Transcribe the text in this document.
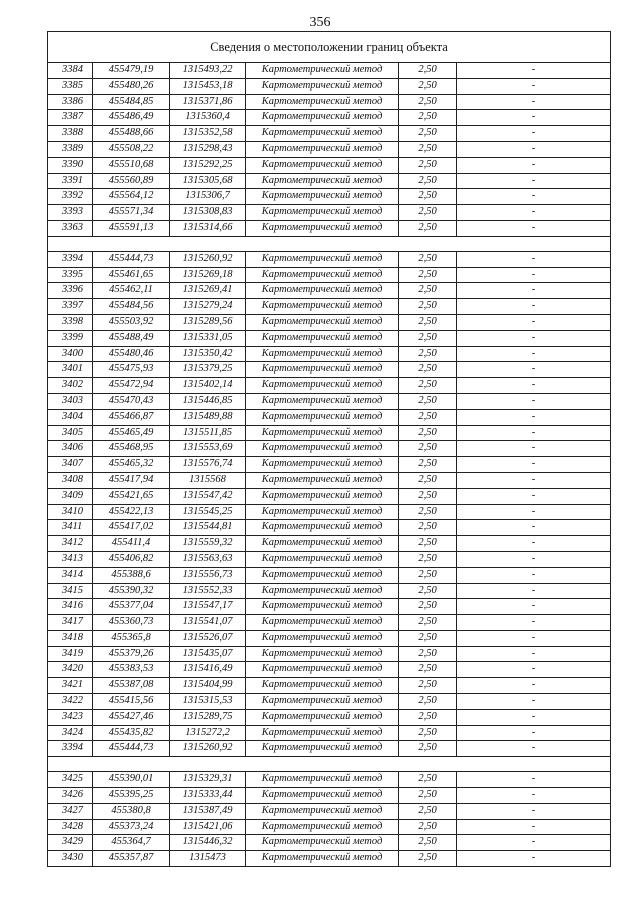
356
Сведения о местоположении границ объекта					
3384	455479,19	1315493,22	Картометрический метод	2,50	-
3385	455480,26	1315453,18	Картометрический метод	2,50	-
3386	455484,85	1315371,86	Картометрический метод	2,50	-
3387	455486,49	1315360,4	Картометрический метод	2,50	-
3388	455488,66	1315352,58	Картометрический метод	2,50	-
3389	455508,22	1315298,43	Картометрический метод	2,50	-
3390	455510,68	1315292,25	Картометрический метод	2,50	-
3391	455560,89	1315305,68	Картометрический метод	2,50	-
3392	455564,12	1315306,7	Картометрический метод	2,50	-
3393	455571,34	1315308,83	Картометрический метод	2,50	-
3363	455591,13	1315314,66	Картометрический метод	2,50	-

3394	455444,73	1315260,92	Картометрический метод	2,50	-
3395	455461,65	1315269,18	Картометрический метод	2,50	-
3396	455462,11	1315269,41	Картометрический метод	2,50	-
3397	455484,56	1315279,24	Картометрический метод	2,50	-
3398	455503,92	1315289,56	Картометрический метод	2,50	-
3399	455488,49	1315331,05	Картометрический метод	2,50	-
3400	455480,46	1315350,42	Картометрический метод	2,50	-
3401	455475,93	1315379,25	Картометрический метод	2,50	-
3402	455472,94	1315402,14	Картометрический метод	2,50	-
3403	455470,43	1315446,85	Картометрический метод	2,50	-
3404	455466,87	1315489,88	Картометрический метод	2,50	-
3405	455465,49	1315511,85	Картометрический метод	2,50	-
3406	455468,95	1315553,69	Картометрический метод	2,50	-
3407	455465,32	1315576,74	Картометрический метод	2,50	-
3408	455417,94	1315568	Картометрический метод	2,50	-
3409	455421,65	1315547,42	Картометрический метод	2,50	-
3410	455422,13	1315545,25	Картометрический метод	2,50	-
3411	455417,02	1315544,81	Картометрический метод	2,50	-
3412	455411,4	1315559,32	Картометрический метод	2,50	-
3413	455406,82	1315563,63	Картометрический метод	2,50	-
3414	455388,6	1315556,73	Картометрический метод	2,50	-
3415	455390,32	1315552,33	Картометрический метод	2,50	-
3416	455377,04	1315547,17	Картометрический метод	2,50	-
3417	455360,73	1315541,07	Картометрический метод	2,50	-
3418	455365,8	1315526,07	Картометрический метод	2,50	-
3419	455379,26	1315435,07	Картометрический метод	2,50	-
3420	455383,53	1315416,49	Картометрический метод	2,50	-
3421	455387,08	1315404,99	Картометрический метод	2,50	-
3422	455415,56	1315315,53	Картометрический метод	2,50	-
3423	455427,46	1315289,75	Картометрический метод	2,50	-
3424	455435,82	1315272,2	Картометрический метод	2,50	-
3394	455444,73	1315260,92	Картометрический метод	2,50	-

3425	455390,01	1315329,31	Картометрический метод	2,50	-
3426	455395,25	1315333,44	Картометрический метод	2,50	-
3427	455380,8	1315387,49	Картометрический метод	2,50	-
3428	455373,24	1315421,06	Картометрический метод	2,50	-
3429	455364,7	1315446,32	Картометрический метод	2,50	-
3430	455357,87	1315473	Картометрический метод	2,50	-
